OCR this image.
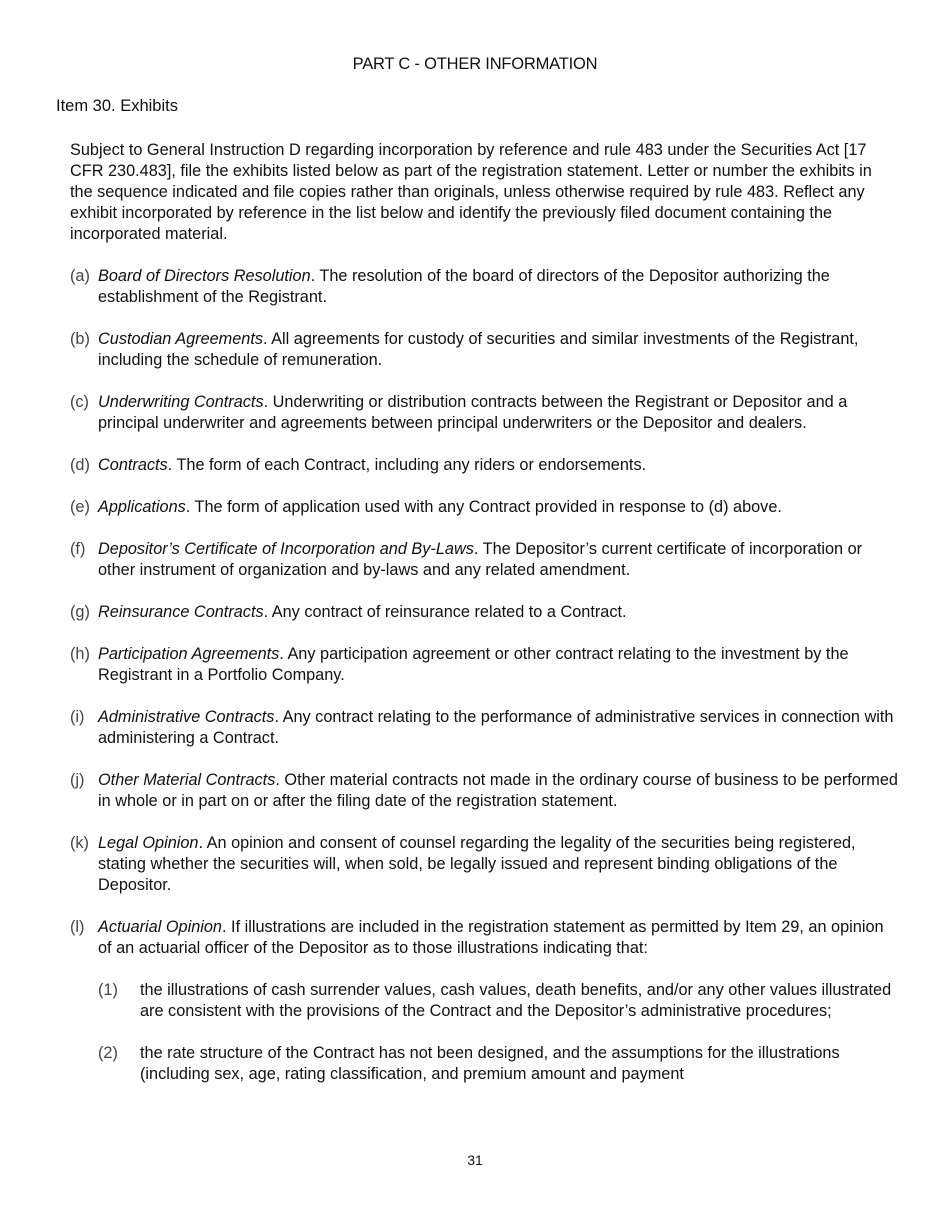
PART C - OTHER INFORMATION
Item 30. Exhibits

Subject to General Instruction D regarding incorporation by reference and rule 483 under the Securities Act [17 CFR 230.483], file the exhibits listed below as part of the registration statement. Letter or number the exhibits in the sequence indicated and file copies rather than originals, unless otherwise required by rule 483. Reflect any exhibit incorporated by reference in the list below and identify the previously filed document containing the incorporated material.

(a) Board of Directors Resolution. The resolution of the board of directors of the Depositor authorizing the establishment of the Registrant.
(b) Custodian Agreements. All agreements for custody of securities and similar investments of the Registrant, including the schedule of remuneration.
(c) Underwriting Contracts. Underwriting or distribution contracts between the Registrant or Depositor and a principal underwriter and agreements between principal underwriters or the Depositor and dealers.
(d) Contracts. The form of each Contract, including any riders or endorsements.
(e) Applications. The form of application used with any Contract provided in response to (d) above.
(f) Depositor’s Certificate of Incorporation and By-Laws. The Depositor’s current certificate of incorporation or other instrument of organization and by-laws and any related amendment.
(g) Reinsurance Contracts. Any contract of reinsurance related to a Contract.
(h) Participation Agreements. Any participation agreement or other contract relating to the investment by the Registrant in a Portfolio Company.
(i) Administrative Contracts. Any contract relating to the performance of administrative services in connection with administering a Contract.
(j) Other Material Contracts. Other material contracts not made in the ordinary course of business to be performed in whole or in part on or after the filing date of the registration statement.
(k) Legal Opinion. An opinion and consent of counsel regarding the legality of the securities being registered, stating whether the securities will, when sold, be legally issued and represent binding obligations of the Depositor.
(l) Actuarial Opinion. If illustrations are included in the registration statement as permitted by Item 29, an opinion of an actuarial officer of the Depositor as to those illustrations indicating that:
(1)	the illustrations of cash surrender values, cash values, death benefits, and/or any other values illustrated are consistent with the provisions of the Contract and the Depositor’s administrative procedures;
(2)	the rate structure of the Contract has not been designed, and the assumptions for the illustrations (including sex, age, rating classification, and premium amount and payment
31
